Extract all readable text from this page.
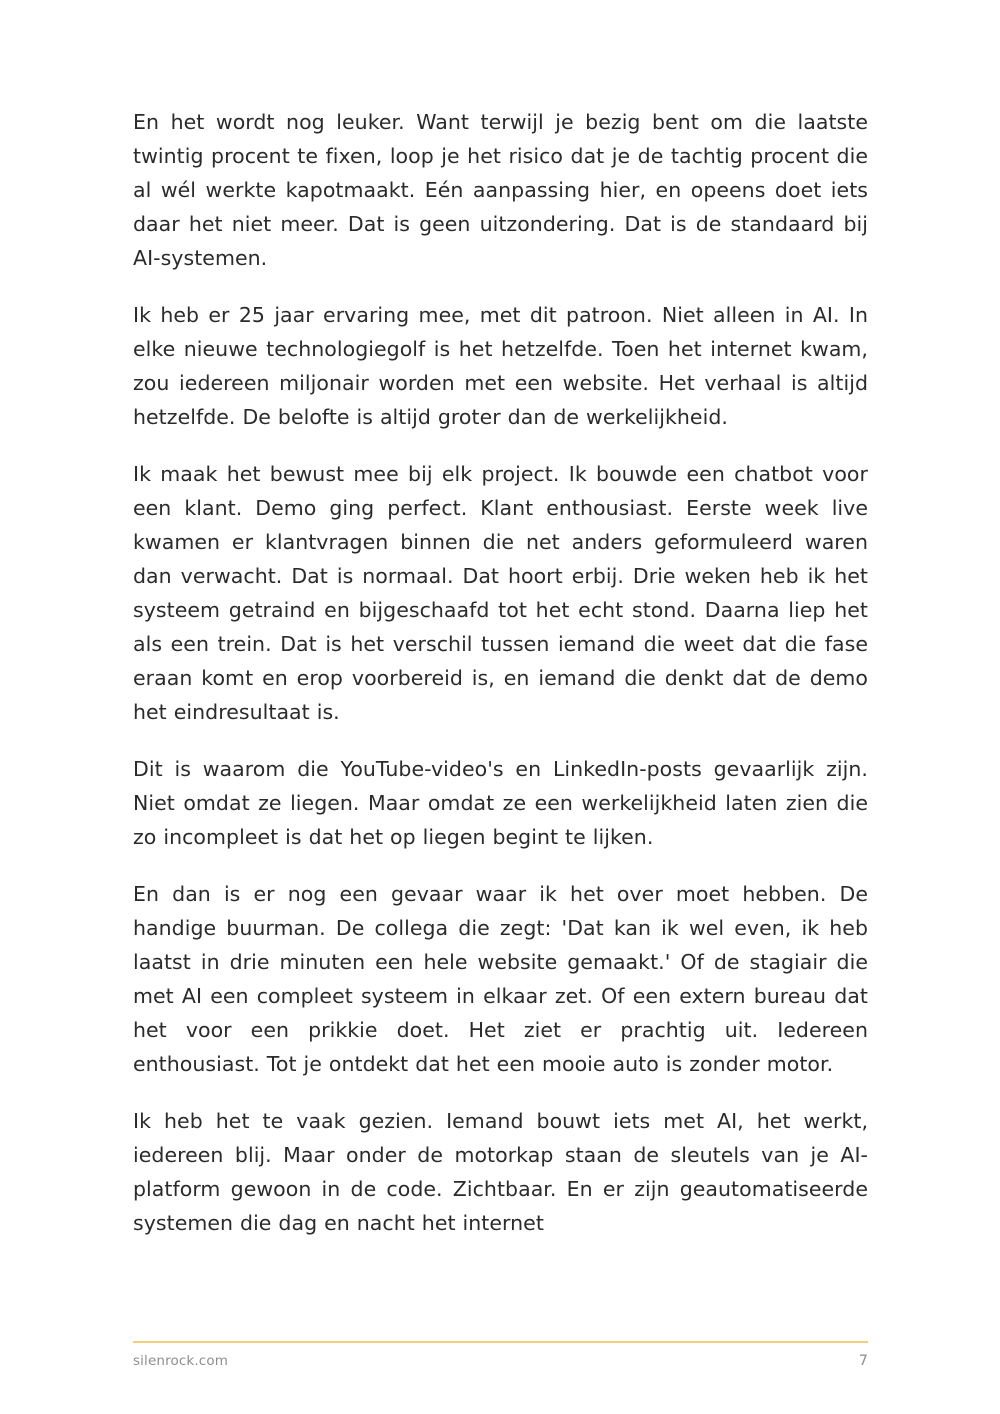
En het wordt nog leuker. Want terwijl je bezig bent om die laatste twintig procent te fixen, loop je het risico dat je de tachtig procent die al wél werkte kapotmaakt. Eén aanpassing hier, en opeens doet iets daar het niet meer. Dat is geen uitzondering. Dat is de standaard bij AI-systemen.

Ik heb er 25 jaar ervaring mee, met dit patroon. Niet alleen in AI. In elke nieuwe technologiegolf is het hetzelfde. Toen het internet kwam, zou iedereen miljonair worden met een website. Het verhaal is altijd hetzelfde. De belofte is altijd groter dan de werkelijkheid.

Ik maak het bewust mee bij elk project. Ik bouwde een chatbot voor een klant. Demo ging perfect. Klant enthousiast. Eerste week live kwamen er klantvragen binnen die net anders geformuleerd waren dan verwacht. Dat is normaal. Dat hoort erbij. Drie weken heb ik het systeem getraind en bijgeschaafd tot het echt stond. Daarna liep het als een trein. Dat is het verschil tussen iemand die weet dat die fase eraan komt en erop voorbereid is, en iemand die denkt dat de demo het eindresultaat is.

Dit is waarom die YouTube-video's en LinkedIn-posts gevaarlijk zijn. Niet omdat ze liegen. Maar omdat ze een werkelijkheid laten zien die zo incompleet is dat het op liegen begint te lijken.

En dan is er nog een gevaar waar ik het over moet hebben. De handige buurman. De collega die zegt: 'Dat kan ik wel even, ik heb laatst in drie minuten een hele website gemaakt.' Of de stagiair die met AI een compleet systeem in elkaar zet. Of een extern bureau dat het voor een prikkie doet. Het ziet er prachtig uit. Iedereen enthousiast. Tot je ontdekt dat het een mooie auto is zonder motor.

Ik heb het te vaak gezien. Iemand bouwt iets met AI, het werkt, iedereen blij. Maar onder de motorkap staan de sleutels van je AI-platform gewoon in de code. Zichtbaar. En er zijn geautomatiseerde systemen die dag en nacht het internet

silenrock.com	7
